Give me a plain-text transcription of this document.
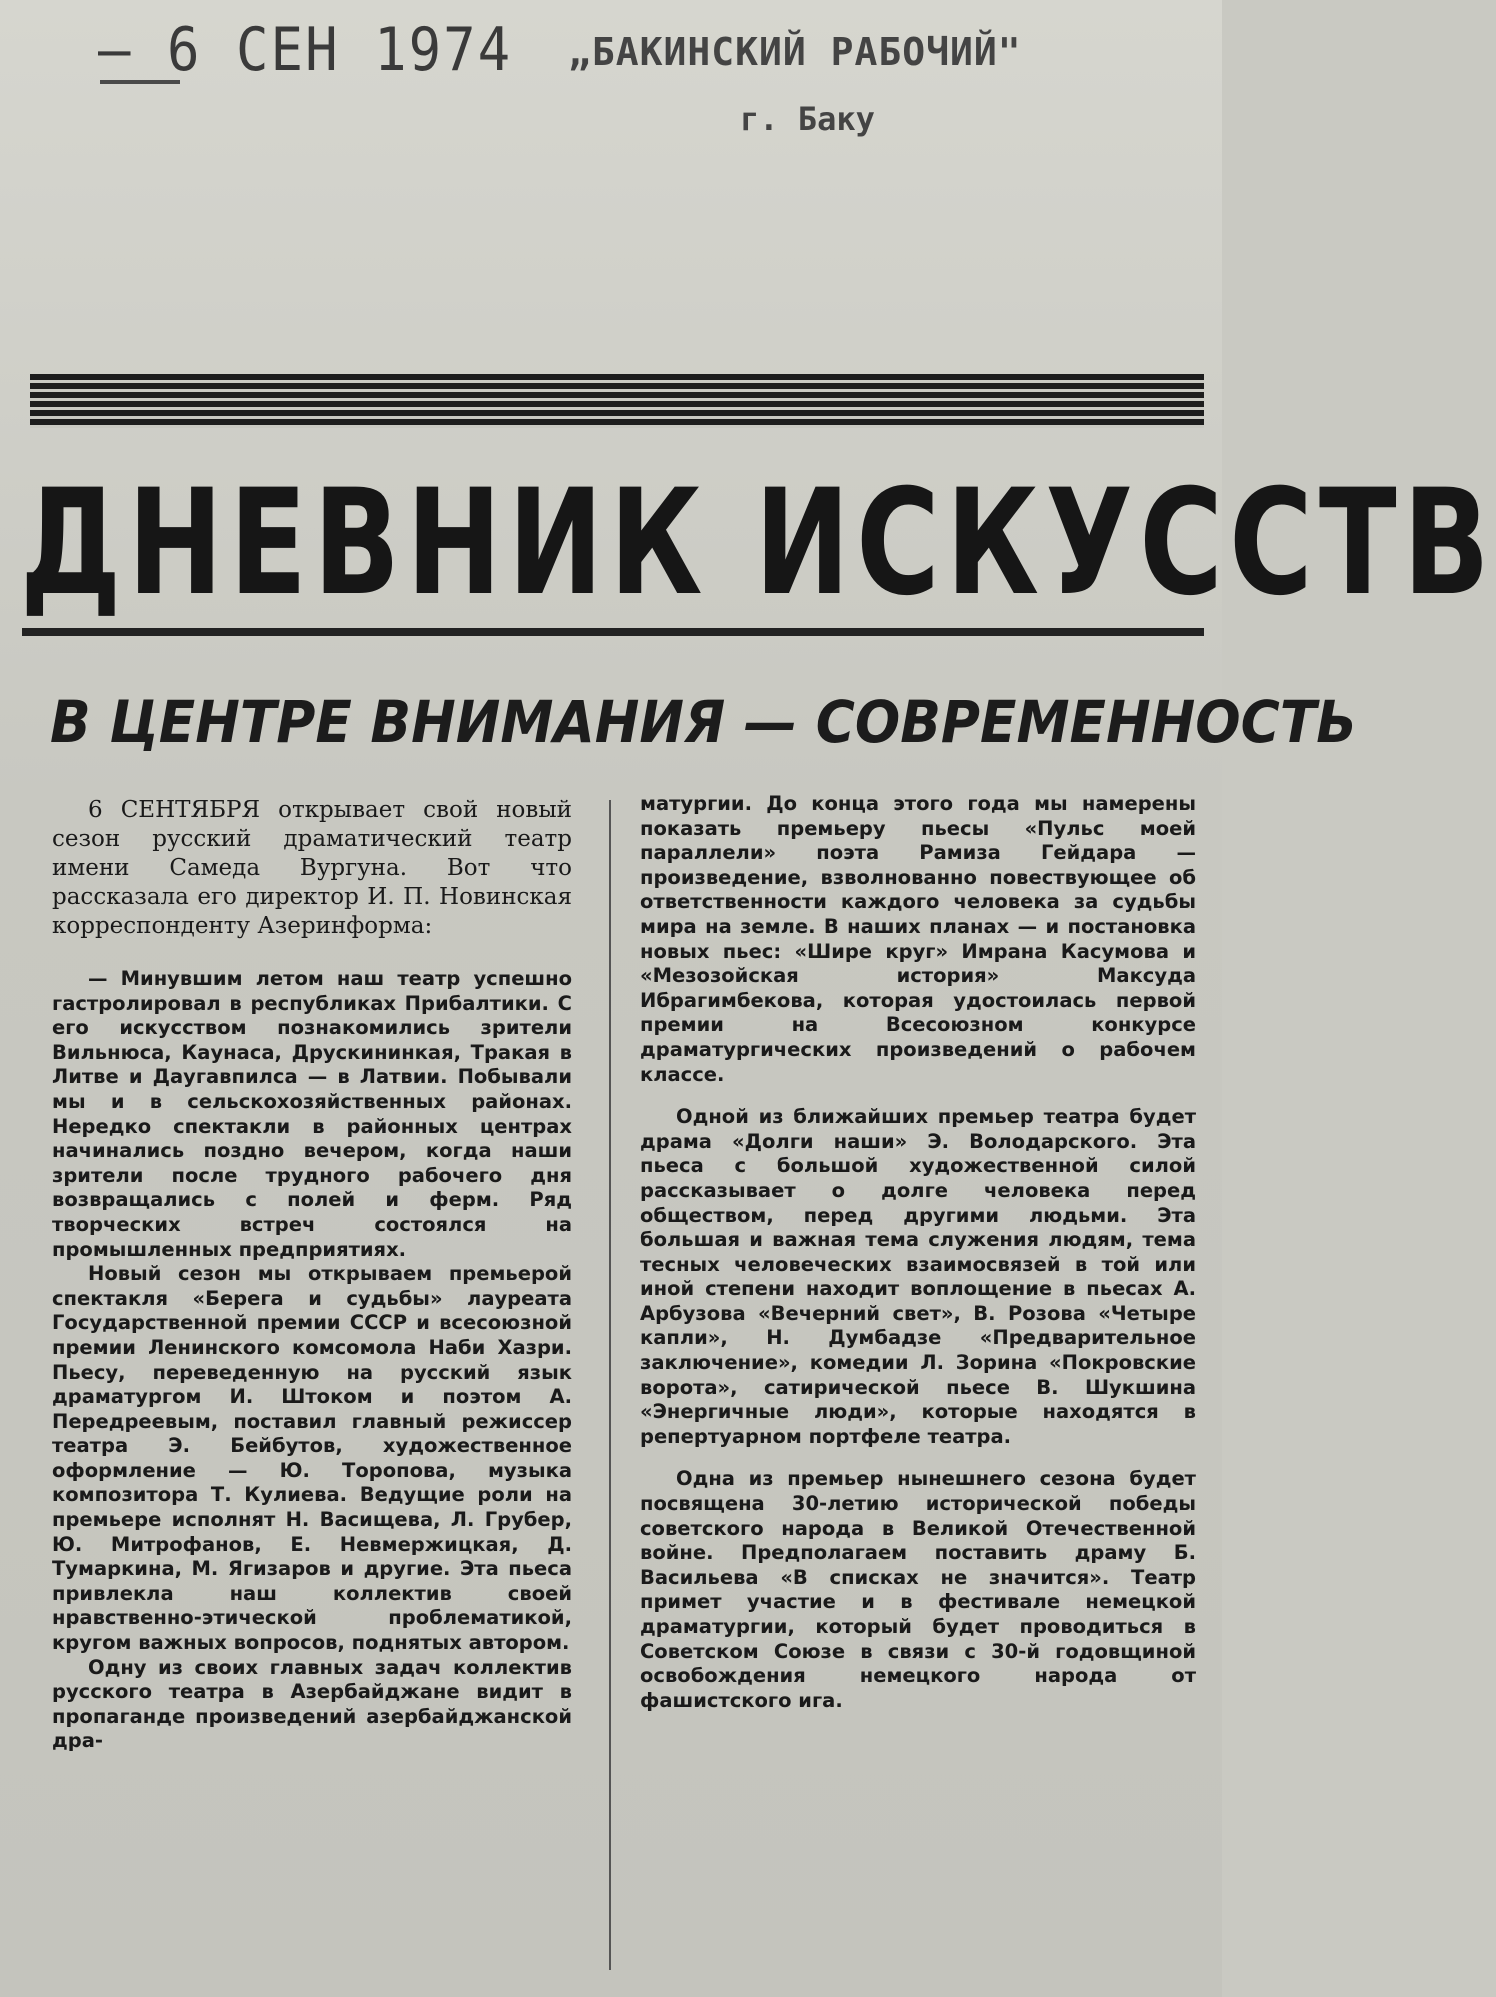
— 6 СЕН 1974 „БАКИНСКИЙ РАБОЧИЙ"
г. Баку
ДНЕВНИК ИСКУССТВ
В ЦЕНТРЕ ВНИМАНИЯ — СОВРЕМЕННОСТЬ

6 СЕНТЯБРЯ открывает свой новый сезон русский драматический театр имени Самеда Вургуна. Вот что рассказала его директор И. П. Новинская корреспонденту Азеринформа:

— Минувшим летом наш театр успешно гастролировал в республиках Прибалтики. С его искусством познакомились зрители Вильнюса, Каунаса, Друскининкая, Тракая в Литве и Даугавпилса — в Латвии. Побывали мы и в сельскохозяйственных районах. Нередко спектакли в районных центрах начинались поздно вечером, когда наши зрители после трудного рабочего дня возвращались с полей и ферм. Ряд творческих встреч состоялся на промышленных предприятиях.

Новый сезон мы открываем премьерой спектакля «Берега и судьбы» лауреата Государственной премии СССР и всесоюзной премии Ленинского комсомола Наби Хазри. Пьесу, переведенную на русский язык драматургом И. Штоком и поэтом А. Передреевым, поставил главный режиссер театра Э. Бейбутов, художественное оформление — Ю. Торопова, музыка композитора Т. Кулиева. Ведущие роли на премьере исполнят Н. Васищева, Л. Грубер, Ю. Митрофанов, Е. Невмержицкая, Д. Тумаркина, М. Ягизаров и другие. Эта пьеса привлекла наш коллектив своей нравственно-этической проблематикой, кругом важных вопросов, поднятых автором.

Одну из своих главных задач коллектив русского театра в Азербайджане видит в пропаганде произведений азербайджанской дра-

матургии. До конца этого года мы намерены показать премьеру пьесы «Пульс моей параллели» поэта Рамиза Гейдара — произведение, взволнованно повествующее об ответственности каждого человека за судьбы мира на земле. В наших планах — и постановка новых пьес: «Шире круг» Имрана Касумова и «Мезозойская история» Максуда Ибрагимбекова, которая удостоилась первой премии на Всесоюзном конкурсе драматургических произведений о рабочем классе.

Одной из ближайших премьер театра будет драма «Долги наши» Э. Володарского. Эта пьеса с большой художественной силой рассказывает о долге человека перед обществом, перед другими людьми. Эта большая и важная тема служения людям, тема тесных человеческих взаимосвязей в той или иной степени находит воплощение в пьесах А. Арбузова «Вечерний свет», В. Розова «Четыре капли», Н. Думбадзе «Предварительное заключение», комедии Л. Зорина «Покровские ворота», сатирической пьесе В. Шукшина «Энергичные люди», которые находятся в репертуарном портфеле театра.

Одна из премьер нынешнего сезона будет посвящена 30-летию исторической победы советского народа в Великой Отечественной войне. Предполагаем поставить драму Б. Васильева «В списках не значится». Театр примет участие и в фестивале немецкой драматургии, который будет проводиться в Советском Союзе в связи с 30-й годовщиной освобождения немецкого народа от фашистского ига.
